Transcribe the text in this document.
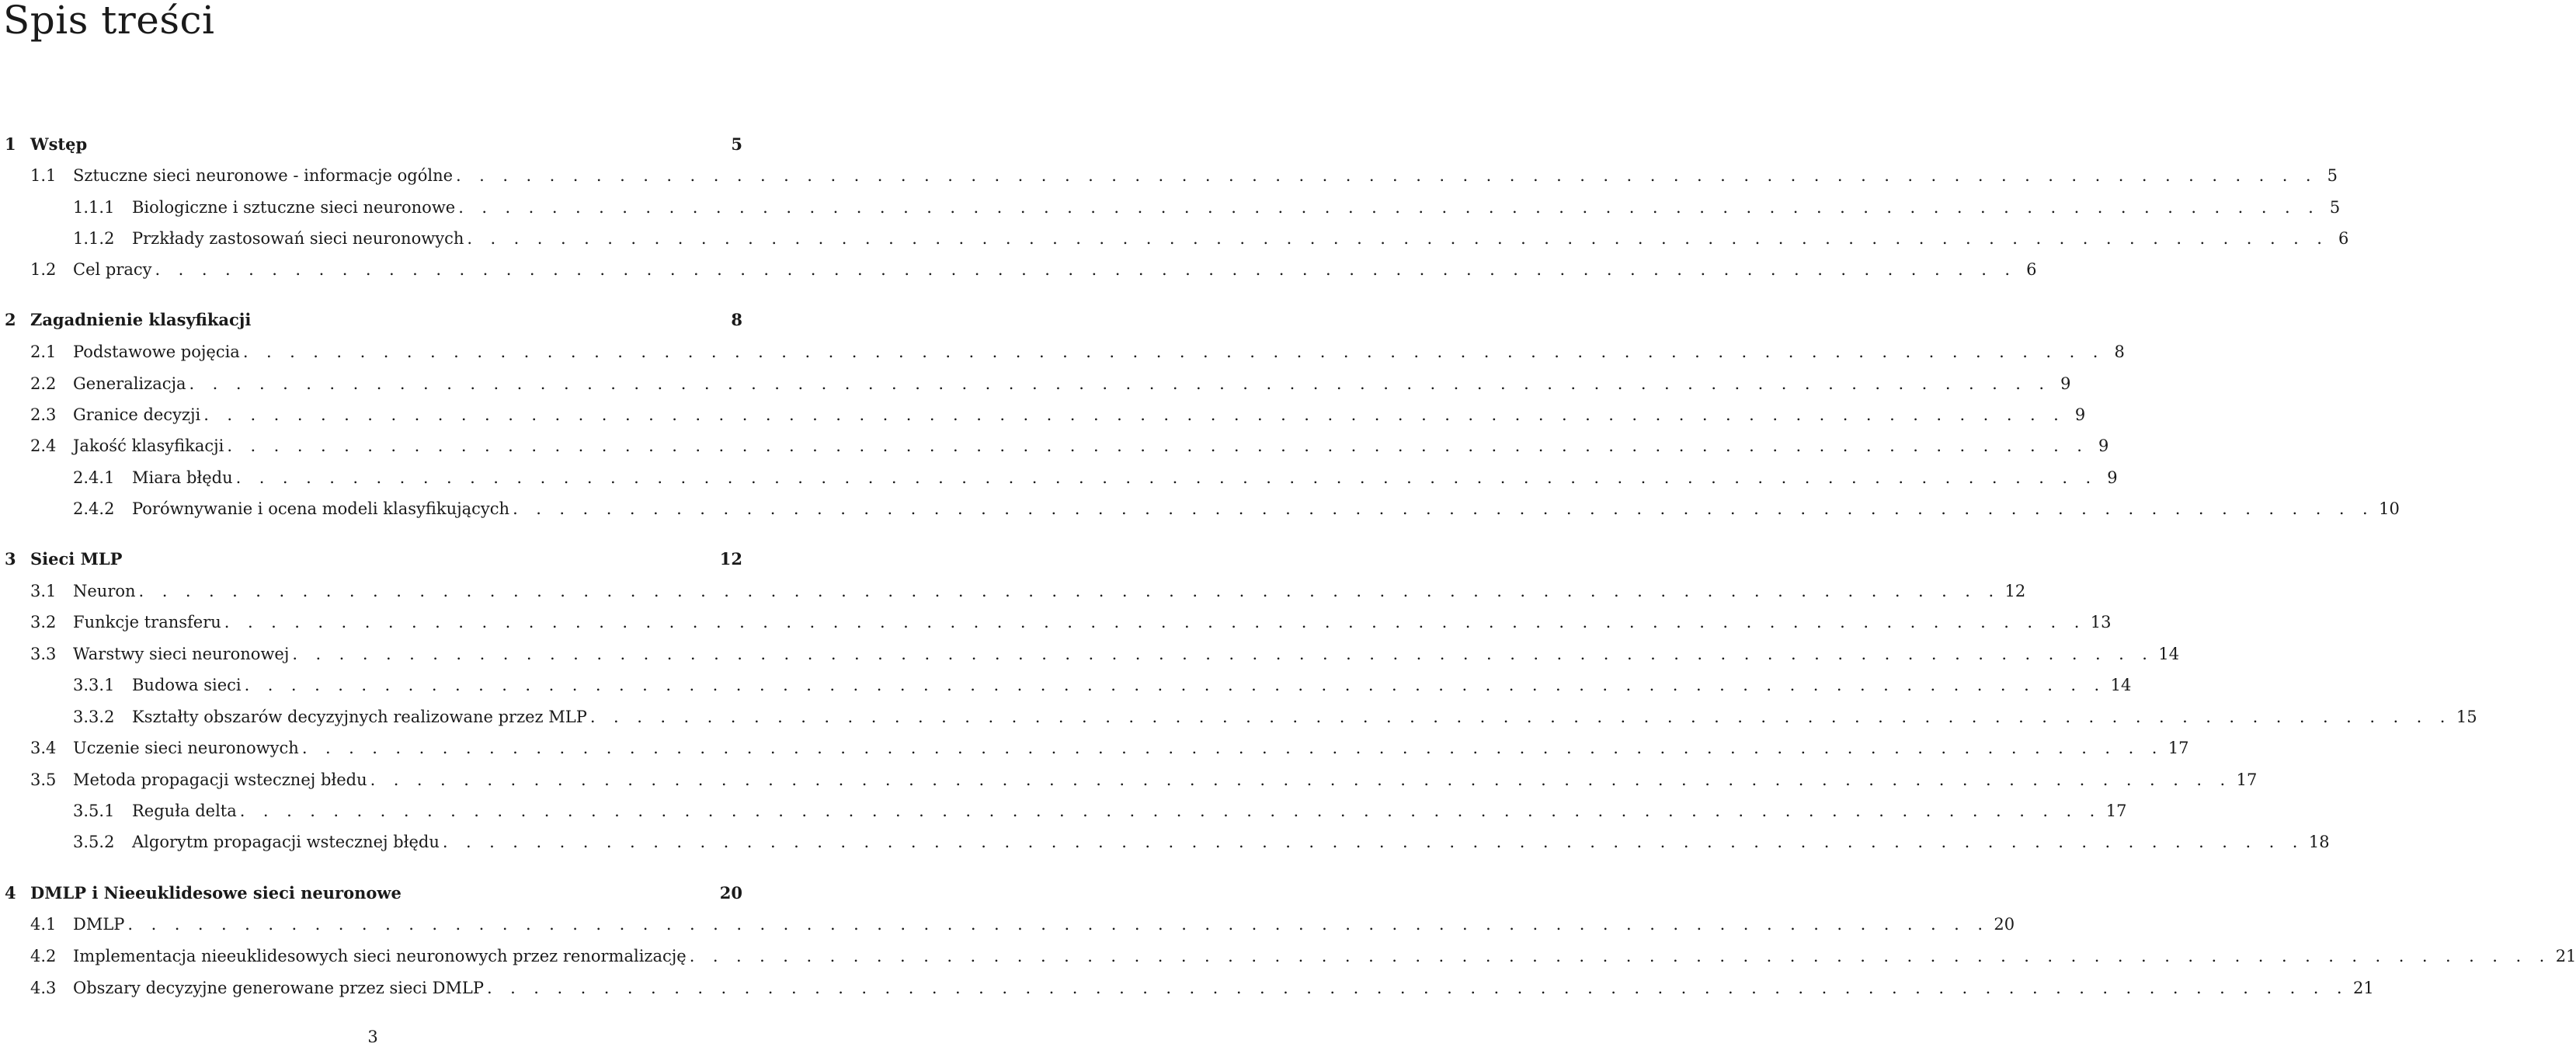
Spis treści
1 Wstęp	5
1.1	Sztuczne sieci neuronowe - informacje ogólne . . . . . . . . . . . . . . . . . . . . . . . . . . . . . . . . . . . . . . . . . . . . . . . . . . . . . . . . . . . . . . . . . . . . . . . . . . . . . . . . 5
1.1.1	Biologiczne i sztuczne sieci neuronowe . . . . . . . . . . . . . . . . . . . . . . . . . . . . . . . . . . . . . . . . . . . . . . . . . . . . . . . . . . . . . . . . . . . . . . . . . . . . . . . . 5
1.1.2	Przkłady zastosowań sieci neuronowych . . . . . . . . . . . . . . . . . . . . . . . . . . . . . . . . . . . . . . . . . . . . . . . . . . . . . . . . . . . . . . . . . . . . . . . . . . . . . . . . 6
1.2	Cel pracy . . . . . . . . . . . . . . . . . . . . . . . . . . . . . . . . . . . . . . . . . . . . . . . . . . . . . . . . . . . . . . . . . . . . . . . . . . . . . . . . 6
2 Zagadnienie klasyfikacji	8
2.1	Podstawowe pojęcia . . . . . . . . . . . . . . . . . . . . . . . . . . . . . . . . . . . . . . . . . . . . . . . . . . . . . . . . . . . . . . . . . . . . . . . . . . . . . . . . 8
2.2	Generalizacja . . . . . . . . . . . . . . . . . . . . . . . . . . . . . . . . . . . . . . . . . . . . . . . . . . . . . . . . . . . . . . . . . . . . . . . . . . . . . . . . 9
2.3	Granice decyzji . . . . . . . . . . . . . . . . . . . . . . . . . . . . . . . . . . . . . . . . . . . . . . . . . . . . . . . . . . . . . . . . . . . . . . . . . . . . . . . . 9
2.4	Jakość klasyfikacji . . . . . . . . . . . . . . . . . . . . . . . . . . . . . . . . . . . . . . . . . . . . . . . . . . . . . . . . . . . . . . . . . . . . . . . . . . . . . . . . 9
2.4.1	Miara błędu . . . . . . . . . . . . . . . . . . . . . . . . . . . . . . . . . . . . . . . . . . . . . . . . . . . . . . . . . . . . . . . . . . . . . . . . . . . . . . . . 9
2.4.2	Porównywanie i ocena modeli klasyfikujących . . . . . . . . . . . . . . . . . . . . . . . . . . . . . . . . . . . . . . . . . . . . . . . . . . . . . . . . . . . . . . . . . . . . . . . . . . . . . . . . 10
3 Sieci MLP	12
3.1	Neuron . . . . . . . . . . . . . . . . . . . . . . . . . . . . . . . . . . . . . . . . . . . . . . . . . . . . . . . . . . . . . . . . . . . . . . . . . . . . . . . . 12
3.2	Funkcje transferu . . . . . . . . . . . . . . . . . . . . . . . . . . . . . . . . . . . . . . . . . . . . . . . . . . . . . . . . . . . . . . . . . . . . . . . . . . . . . . . . 13
3.3	Warstwy sieci neuronowej . . . . . . . . . . . . . . . . . . . . . . . . . . . . . . . . . . . . . . . . . . . . . . . . . . . . . . . . . . . . . . . . . . . . . . . . . . . . . . . . 14
3.3.1	Budowa sieci . . . . . . . . . . . . . . . . . . . . . . . . . . . . . . . . . . . . . . . . . . . . . . . . . . . . . . . . . . . . . . . . . . . . . . . . . . . . . . . . 14
3.3.2	Kształty obszarów decyzyjnych realizowane przez MLP . . . . . . . . . . . . . . . . . . . . . . . . . . . . . . . . . . . . . . . . . . . . . . . . . . . . . . . . . . . . . . . . . . . . . . . . . . . . . . . . 15
3.4	Uczenie sieci neuronowych . . . . . . . . . . . . . . . . . . . . . . . . . . . . . . . . . . . . . . . . . . . . . . . . . . . . . . . . . . . . . . . . . . . . . . . . . . . . . . . . 17
3.5	Metoda propagacji wstecznej błedu . . . . . . . . . . . . . . . . . . . . . . . . . . . . . . . . . . . . . . . . . . . . . . . . . . . . . . . . . . . . . . . . . . . . . . . . . . . . . . . . 17
3.5.1	Reguła delta . . . . . . . . . . . . . . . . . . . . . . . . . . . . . . . . . . . . . . . . . . . . . . . . . . . . . . . . . . . . . . . . . . . . . . . . . . . . . . . . 17
3.5.2	Algorytm propagacji wstecznej błędu . . . . . . . . . . . . . . . . . . . . . . . . . . . . . . . . . . . . . . . . . . . . . . . . . . . . . . . . . . . . . . . . . . . . . . . . . . . . . . . . 18
4 DMLP i Nieeuklidesowe sieci neuronowe	20
4.1	DMLP . . . . . . . . . . . . . . . . . . . . . . . . . . . . . . . . . . . . . . . . . . . . . . . . . . . . . . . . . . . . . . . . . . . . . . . . . . . . . . . . 20
4.2	Implementacja nieeuklidesowych sieci neuronowych przez renormalizację . . . . . . . . . . . . . . . . . . . . . . . . . . . . . . . . . . . . . . . . . . . . . . . . . . . . . . . . . . . . . . . . . . . . . . . . . . . . . . . . 21
4.3	Obszary decyzyjne generowane przez sieci DMLP . . . . . . . . . . . . . . . . . . . . . . . . . . . . . . . . . . . . . . . . . . . . . . . . . . . . . . . . . . . . . . . . . . . . . . . . . . . . . . . . 21
3
